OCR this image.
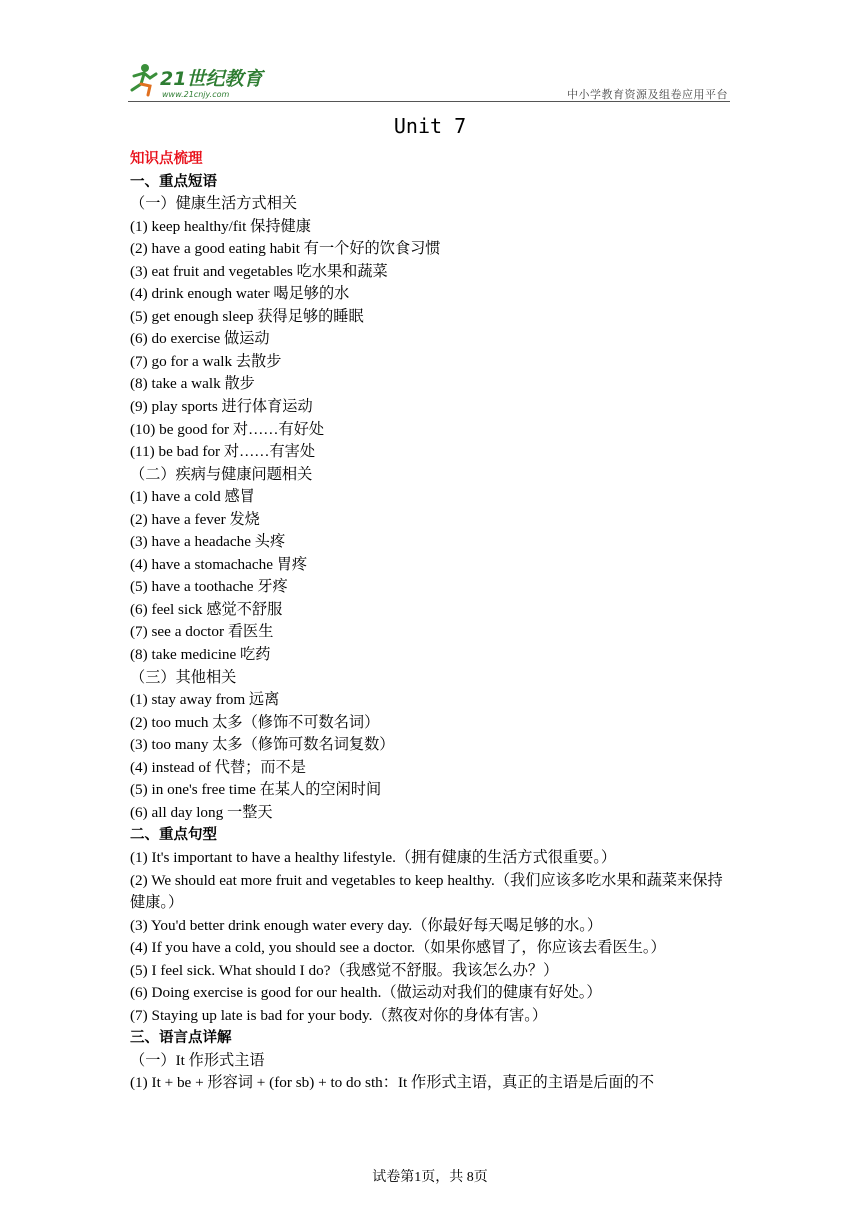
21世纪教育
www.21cnjy.com	中小学教育资源及组卷应用平台
Unit 7
知识点梳理
一、重点短语
（一）健康生活方式相关
(1) keep healthy/fit 保持健康
(2) have a good eating habit 有一个好的饮食习惯
(3) eat fruit and vegetables 吃水果和蔬菜
(4) drink enough water 喝足够的水
(5) get enough sleep 获得足够的睡眠
(6) do exercise 做运动
(7) go for a walk 去散步
(8) take a walk 散步
(9) play sports 进行体育运动
(10) be good for 对……有好处
(11) be bad for 对……有害处
（二）疾病与健康问题相关
(1) have a cold 感冒
(2) have a fever 发烧
(3) have a headache 头疼
(4) have a stomachache 胃疼
(5) have a toothache 牙疼
(6) feel sick 感觉不舒服
(7) see a doctor 看医生
(8) take medicine 吃药
（三）其他相关
(1) stay away from 远离
(2) too much 太多（修饰不可数名词）
(3) too many 太多（修饰可数名词复数）
(4) instead of 代替；而不是
(5) in one's free time 在某人的空闲时间
(6) all day long 一整天
二、重点句型
(1) It's important to have a healthy lifestyle.（拥有健康的生活方式很重要。）
(2) We should eat more fruit and vegetables to keep healthy.（我们应该多吃水果和蔬菜来保持健康。）
(3) You'd better drink enough water every day.（你最好每天喝足够的水。）
(4) If you have a cold, you should see a doctor.（如果你感冒了，你应该去看医生。）
(5) I feel sick. What should I do?（我感觉不舒服。我该怎么办？）
(6) Doing exercise is good for our health.（做运动对我们的健康有好处。）
(7) Staying up late is bad for your body.（熬夜对你的身体有害。）
三、语言点详解
（一）It 作形式主语
(1) It + be + 形容词 + (for sb) + to do sth：It 作形式主语，真正的主语是后面的不
试卷第1页，共 8页
